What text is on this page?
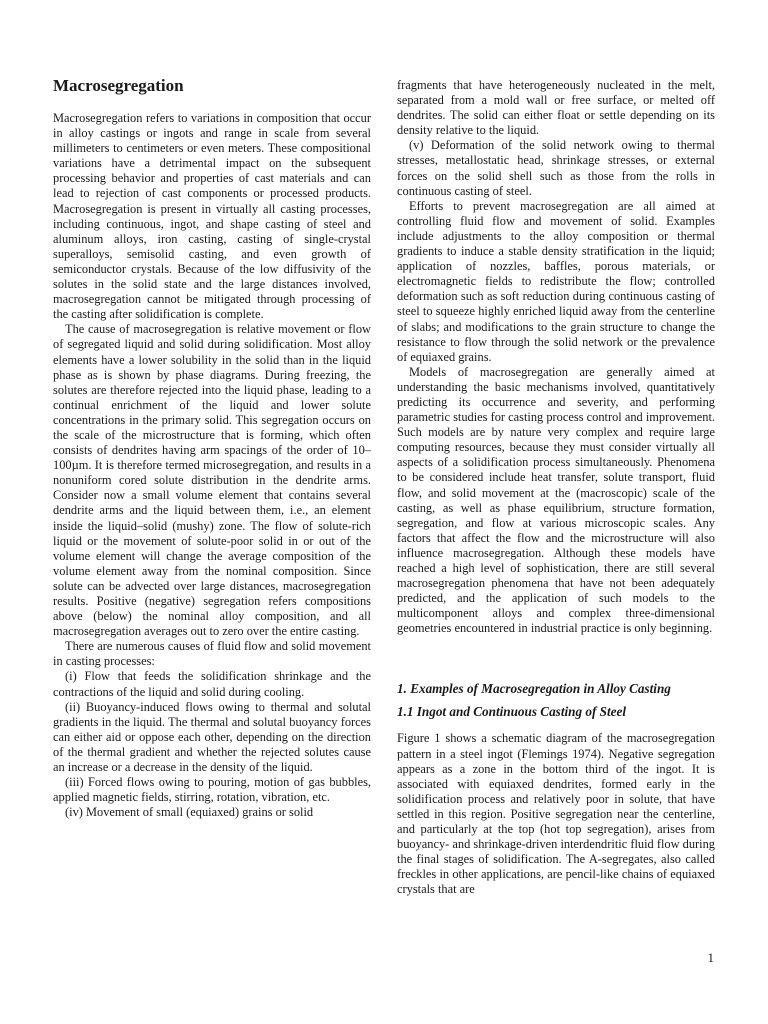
Macrosegregation

Macrosegregation refers to variations in composition that occur in alloy castings or ingots and range in scale from several millimeters to centimeters or even meters. These compositional variations have a detrimental impact on the subsequent processing behavior and properties of cast materials and can lead to rejection of cast components or processed products. Macrosegregation is present in virtually all casting processes, including continuous, ingot, and shape casting of steel and aluminum alloys, iron casting, casting of single-crystal superalloys, semisolid casting, and even growth of semiconductor crystals. Because of the low diffusivity of the solutes in the solid state and the large distances involved, macrosegregation cannot be mitigated through processing of the casting after solidification is complete.

The cause of macrosegregation is relative movement or flow of segregated liquid and solid during solidification. Most alloy elements have a lower solubility in the solid than in the liquid phase as is shown by phase diagrams. During freezing, the solutes are therefore rejected into the liquid phase, leading to a continual enrichment of the liquid and lower solute concentrations in the primary solid. This segregation occurs on the scale of the microstructure that is forming, which often consists of dendrites having arm spacings of the order of 10–100µm. It is therefore termed microsegregation, and results in a nonuniform cored solute distribution in the dendrite arms. Consider now a small volume element that contains several dendrite arms and the liquid between them, i.e., an element inside the liquid–solid (mushy) zone. The flow of solute-rich liquid or the movement of solute-poor solid in or out of the volume element will change the average composition of the volume element away from the nominal composition. Since solute can be advected over large distances, macrosegregation results. Positive (negative) segregation refers compositions above (below) the nominal alloy composition, and all macrosegregation averages out to zero over the entire casting.

There are numerous causes of fluid flow and solid movement in casting processes:

(i) Flow that feeds the solidification shrinkage and the contractions of the liquid and solid during cooling.

(ii) Buoyancy-induced flows owing to thermal and solutal gradients in the liquid. The thermal and solutal buoyancy forces can either aid or oppose each other, depending on the direction of the thermal gradient and whether the rejected solutes cause an increase or a decrease in the density of the liquid.

(iii) Forced flows owing to pouring, motion of gas bubbles, applied magnetic fields, stirring, rotation, vibration, etc.

(iv) Movement of small (equiaxed) grains or solid

fragments that have heterogeneously nucleated in the melt, separated from a mold wall or free surface, or melted off dendrites. The solid can either float or settle depending on its density relative to the liquid.

(v) Deformation of the solid network owing to thermal stresses, metallostatic head, shrinkage stresses, or external forces on the solid shell such as those from the rolls in continuous casting of steel.

Efforts to prevent macrosegregation are all aimed at controlling fluid flow and movement of solid. Examples include adjustments to the alloy composition or thermal gradients to induce a stable density stratification in the liquid; application of nozzles, baffles, porous materials, or electromagnetic fields to redistribute the flow; controlled deformation such as soft reduction during continuous casting of steel to squeeze highly enriched liquid away from the centerline of slabs; and modifications to the grain structure to change the resistance to flow through the solid network or the prevalence of equiaxed grains.

Models of macrosegregation are generally aimed at understanding the basic mechanisms involved, quantitatively predicting its occurrence and severity, and performing parametric studies for casting process control and improvement. Such models are by nature very complex and require large computing resources, because they must consider virtually all aspects of a solidification process simultaneously. Phenomena to be considered include heat transfer, solute transport, fluid flow, and solid movement at the (macroscopic) scale of the casting, as well as phase equilibrium, structure formation, segregation, and flow at various microscopic scales. Any factors that affect the flow and the microstructure will also influence macrosegregation. Although these models have reached a high level of sophistication, there are still several macrosegregation phenomena that have not been adequately predicted, and the application of such models to the multicomponent alloys and complex three-dimensional geometries encountered in industrial practice is only beginning.

1. Examples of Macrosegregation in Alloy Casting
1.1 Ingot and Continuous Casting of Steel

Figure 1 shows a schematic diagram of the macrosegregation pattern in a steel ingot (Flemings 1974). Negative segregation appears as a zone in the bottom third of the ingot. It is associated with equiaxed dendrites, formed early in the solidification process and relatively poor in solute, that have settled in this region. Positive segregation near the centerline, and particularly at the top (hot top segregation), arises from buoyancy- and shrinkage-driven interdendritic fluid flow during the final stages of solidification. The A-segregates, also called freckles in other applications, are pencil-like chains of equiaxed crystals that are

1
